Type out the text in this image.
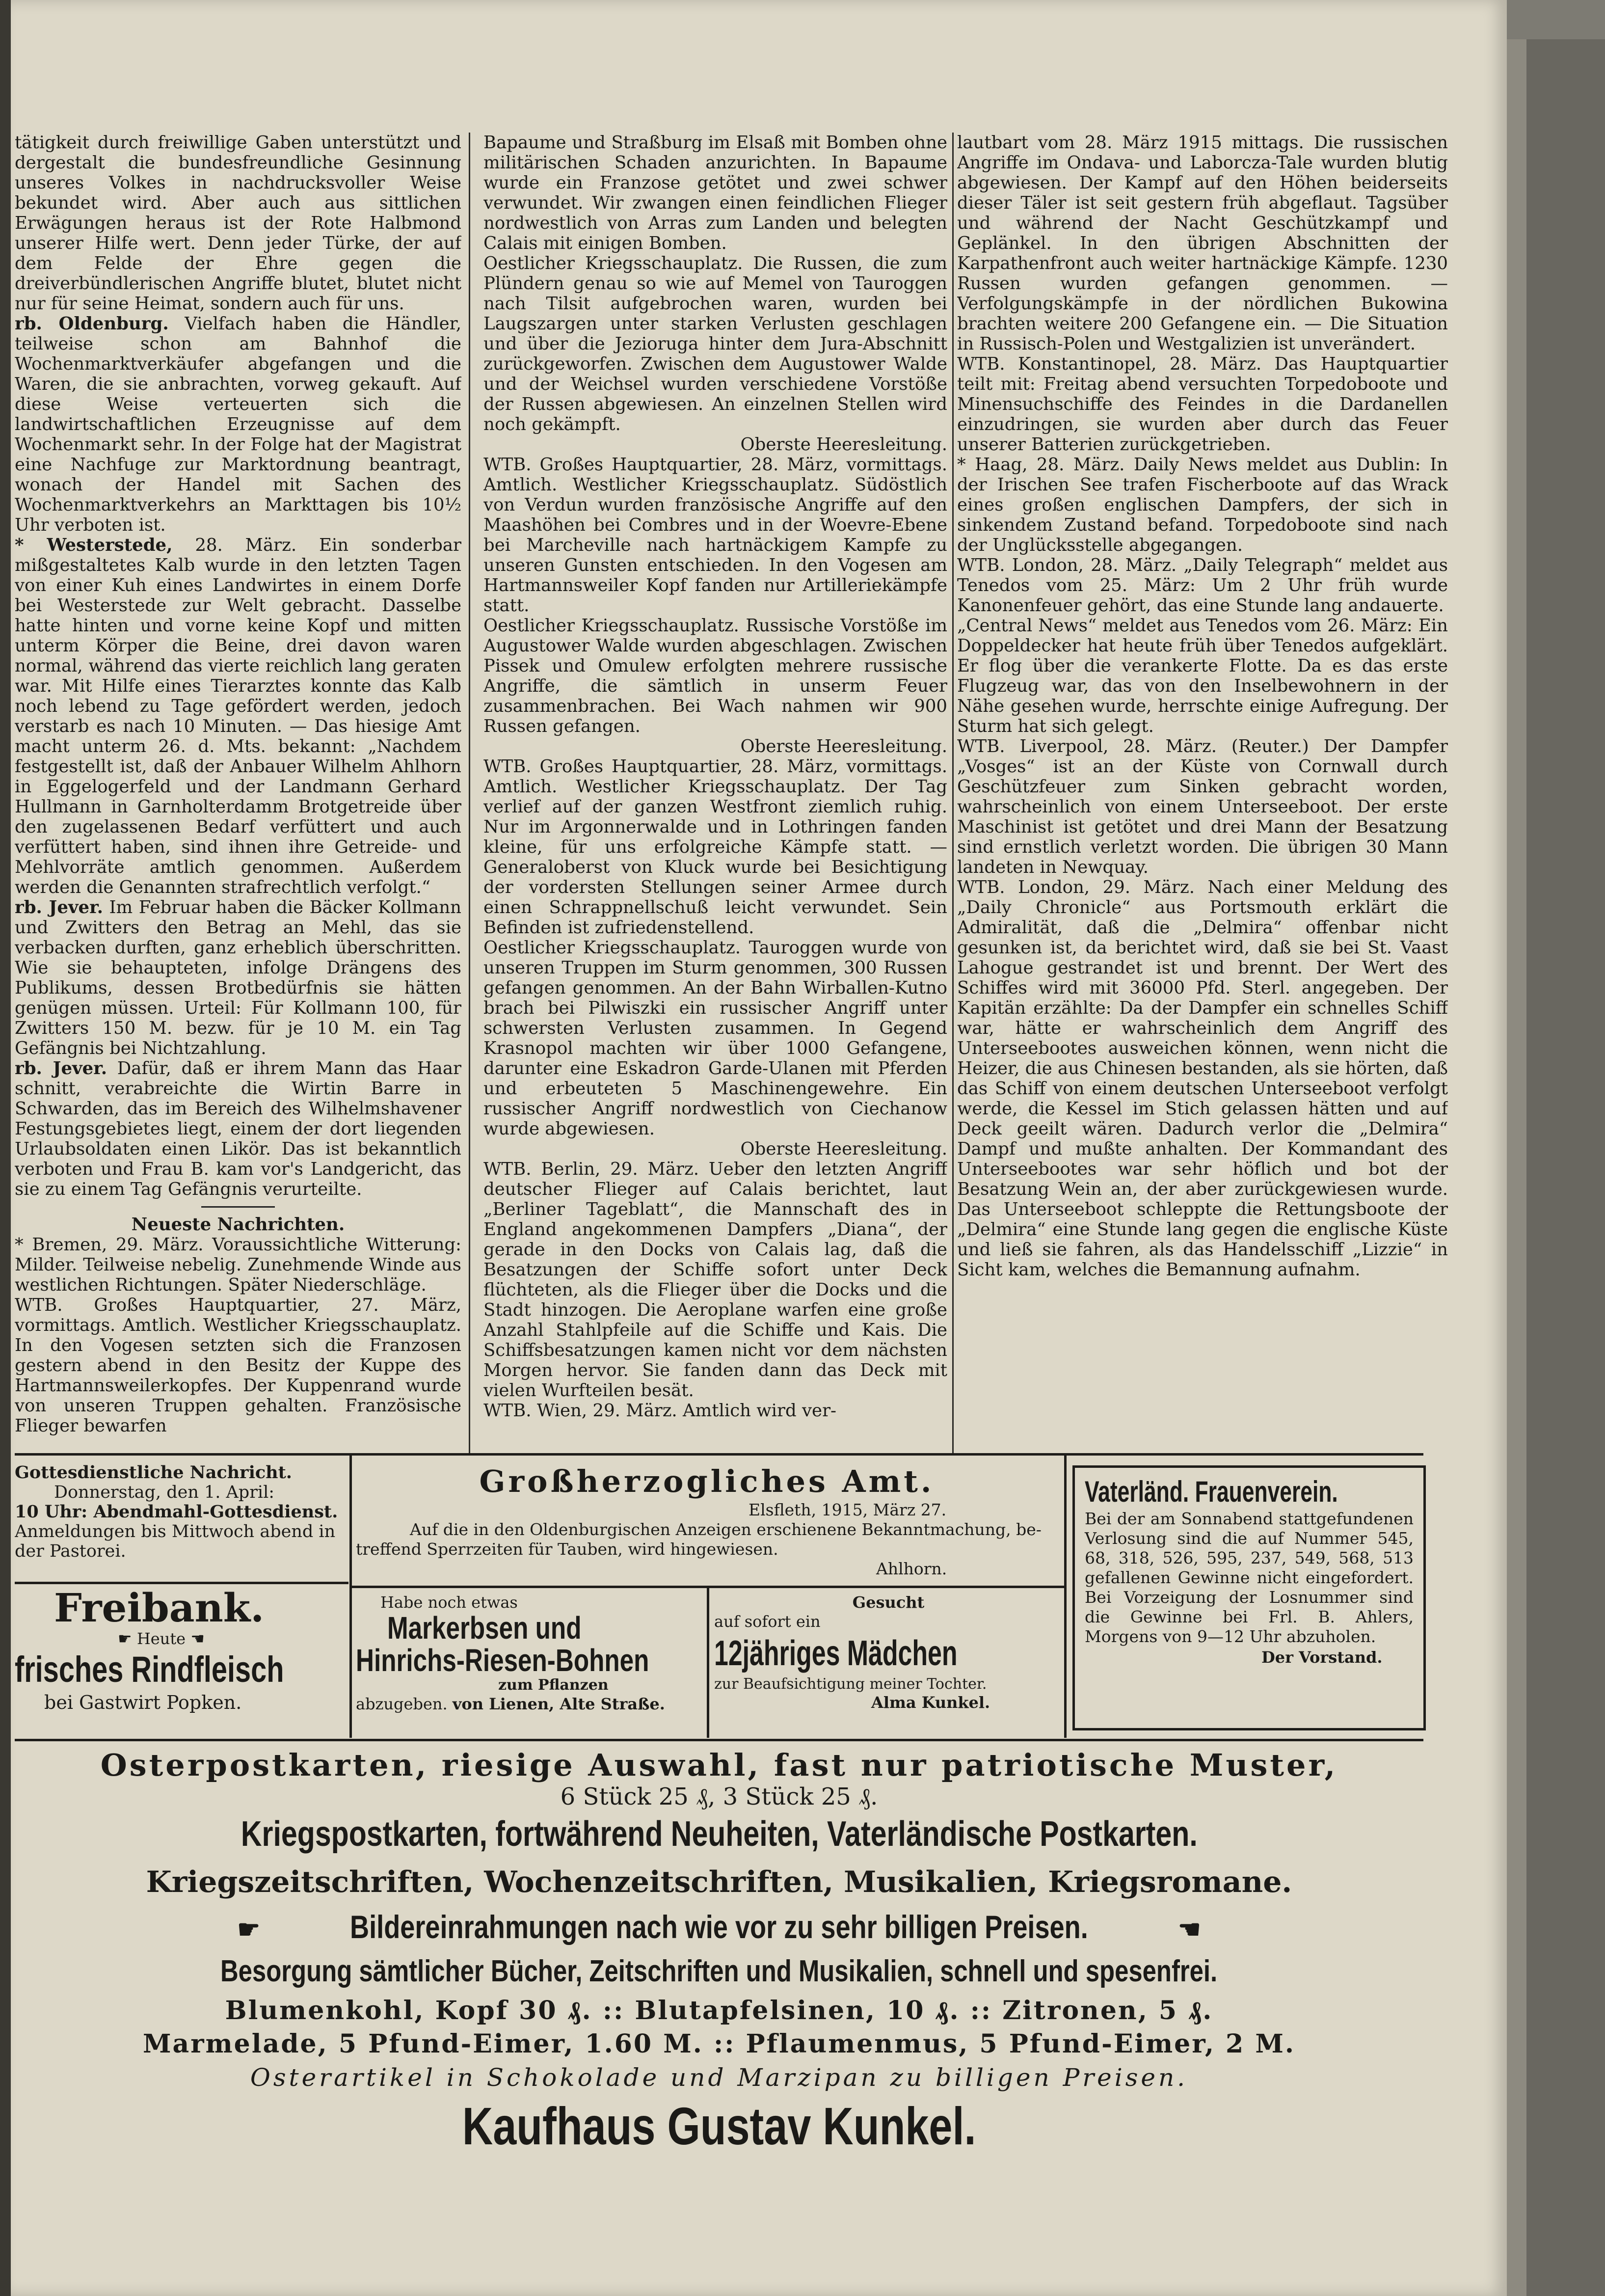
tätigkeit durch freiwillige Gaben unterstützt und dergestalt die bundesfreundliche Gesinnung unseres Volkes in nachdrucksvoller Weise bekundet wird. Aber auch aus sittlichen Erwägungen heraus ist der Rote Halbmond unserer Hilfe wert. Denn jeder Türke, der auf dem Felde der Ehre gegen die dreiverbündlerischen Angriffe blutet, blutet nicht nur für seine Heimat, sondern auch für uns.

rb. Oldenburg. Vielfach haben die Händler, teilweise schon am Bahnhof die Wochenmarktverkäufer abgefangen und die Waren, die sie anbrachten, vorweg gekauft. Auf diese Weise verteuerten sich die landwirtschaftlichen Erzeugnisse auf dem Wochenmarkt sehr. In der Folge hat der Magistrat eine Nachfuge zur Marktordnung beantragt, wonach der Handel mit Sachen des Wochenmarktverkehrs an Markttagen bis 10½ Uhr verboten ist.

* Westerstede, 28. März. Ein sonderbar mißgestaltetes Kalb wurde in den letzten Tagen von einer Kuh eines Landwirtes in einem Dorfe bei Westerstede zur Welt gebracht. Dasselbe hatte hinten und vorne keine Kopf und mitten unterm Körper die Beine, drei davon waren normal, während das vierte reichlich lang geraten war. Mit Hilfe eines Tierarztes konnte das Kalb noch lebend zu Tage gefördert werden, jedoch verstarb es nach 10 Minuten. — Das hiesige Amt macht unterm 26. d. Mts. bekannt: „Nachdem festgestellt ist, daß der Anbauer Wilhelm Ahlhorn in Eggelogerfeld und der Landmann Gerhard Hullmann in Garnholterdamm Brotgetreide über den zugelassenen Bedarf verfüttert und auch verfüttert haben, sind ihnen ihre Getreide- und Mehlvorräte amtlich genommen. Außerdem werden die Genannten strafrechtlich verfolgt.“

rb. Jever. Im Februar haben die Bäcker Kollmann und Zwitters den Betrag an Mehl, das sie verbacken durften, ganz erheblich überschritten. Wie sie behaupteten, infolge Drängens des Publikums, dessen Brotbedürfnis sie hätten genügen müssen. Urteil: Für Kollmann 100, für Zwitters 150 M. bezw. für je 10 M. ein Tag Gefängnis bei Nichtzahlung.

rb. Jever. Dafür, daß er ihrem Mann das Haar schnitt, verabreichte die Wirtin Barre in Schwarden, das im Bereich des Wilhelmshavener Festungsgebietes liegt, einem der dort liegenden Urlaubsoldaten einen Likör. Das ist bekanntlich verboten und Frau B. kam vor's Landgericht, das sie zu einem Tag Gefängnis verurteilte.

Neueste Nachrichten.

* Bremen, 29. März. Voraussichtliche Witterung: Milder. Teilweise nebelig. Zunehmende Winde aus westlichen Richtungen. Später Niederschläge.

WTB. Großes Hauptquartier, 27. März, vormittags. Amtlich. Westlicher Kriegsschauplatz. In den Vogesen setzten sich die Franzosen gestern abend in den Besitz der Kuppe des Hartmannsweilerkopfes. Der Kuppenrand wurde von unseren Truppen gehalten. Französische Flieger bewarfen

Bapaume und Straßburg im Elsaß mit Bomben ohne militärischen Schaden anzurichten. In Bapaume wurde ein Franzose getötet und zwei schwer verwundet. Wir zwangen einen feindlichen Flieger nordwestlich von Arras zum Landen und belegten Calais mit einigen Bomben.

Oestlicher Kriegsschauplatz. Die Russen, die zum Plündern genau so wie auf Memel von Tauroggen nach Tilsit aufgebrochen waren, wurden bei Laugszargen unter starken Verlusten geschlagen und über die Jezioruga hinter dem Jura-Abschnitt zurückgeworfen. Zwischen dem Augustower Walde und der Weichsel wurden verschiedene Vorstöße der Russen abgewiesen. An einzelnen Stellen wird noch gekämpft.

Oberste Heeresleitung.

WTB. Großes Hauptquartier, 28. März, vormittags. Amtlich. Westlicher Kriegsschauplatz. Südöstlich von Verdun wurden französische Angriffe auf den Maashöhen bei Combres und in der Woevre-Ebene bei Marcheville nach hartnäckigem Kampfe zu unseren Gunsten entschieden. In den Vogesen am Hartmannsweiler Kopf fanden nur Artilleriekämpfe statt.

Oestlicher Kriegsschauplatz. Russische Vorstöße im Augustower Walde wurden abgeschlagen. Zwischen Pissek und Omulew erfolgten mehrere russische Angriffe, die sämtlich in unserm Feuer zusammenbrachen. Bei Wach nahmen wir 900 Russen gefangen.

Oberste Heeresleitung.

WTB. Großes Hauptquartier, 28. März, vormittags. Amtlich. Westlicher Kriegsschauplatz. Der Tag verlief auf der ganzen Westfront ziemlich ruhig. Nur im Argonnerwalde und in Lothringen fanden kleine, für uns erfolgreiche Kämpfe statt. — Generaloberst von Kluck wurde bei Besichtigung der vordersten Stellungen seiner Armee durch einen Schrappnellschuß leicht verwundet. Sein Befinden ist zufriedenstellend.

Oestlicher Kriegsschauplatz. Tauroggen wurde von unseren Truppen im Sturm genommen, 300 Russen gefangen genommen. An der Bahn Wirballen-Kutno brach bei Pilwiszki ein russischer Angriff unter schwersten Verlusten zusammen. In Gegend Krasnopol machten wir über 1000 Gefangene, darunter eine Eskadron Garde-Ulanen mit Pferden und erbeuteten 5 Maschinengewehre. Ein russischer Angriff nordwestlich von Ciechanow wurde abgewiesen.

Oberste Heeresleitung.

WTB. Berlin, 29. März. Ueber den letzten Angriff deutscher Flieger auf Calais berichtet, laut „Berliner Tageblatt“, die Mannschaft des in England angekommenen Dampfers „Diana“, der gerade in den Docks von Calais lag, daß die Besatzungen der Schiffe sofort unter Deck flüchteten, als die Flieger über die Docks und die Stadt hinzogen. Die Aeroplane warfen eine große Anzahl Stahlpfeile auf die Schiffe und Kais. Die Schiffsbesatzungen kamen nicht vor dem nächsten Morgen hervor. Sie fanden dann das Deck mit vielen Wurfteilen besät.

WTB. Wien, 29. März. Amtlich wird ver-

lautbart vom 28. März 1915 mittags. Die russischen Angriffe im Ondava- und Laborcza-Tale wurden blutig abgewiesen. Der Kampf auf den Höhen beiderseits dieser Täler ist seit gestern früh abgeflaut. Tagsüber und während der Nacht Geschützkampf und Geplänkel. In den übrigen Abschnitten der Karpathenfront auch weiter hartnäckige Kämpfe. 1230 Russen wurden gefangen genommen. — Verfolgungskämpfe in der nördlichen Bukowina brachten weitere 200 Gefangene ein. — Die Situation in Russisch-Polen und Westgalizien ist unverändert.

WTB. Konstantinopel, 28. März. Das Hauptquartier teilt mit: Freitag abend versuchten Torpedoboote und Minensuchschiffe des Feindes in die Dardanellen einzudringen, sie wurden aber durch das Feuer unserer Batterien zurückgetrieben.

* Haag, 28. März. Daily News meldet aus Dublin: In der Irischen See trafen Fischerboote auf das Wrack eines großen englischen Dampfers, der sich in sinkendem Zustand befand. Torpedoboote sind nach der Unglücksstelle abgegangen.

WTB. London, 28. März. „Daily Telegraph“ meldet aus Tenedos vom 25. März: Um 2 Uhr früh wurde Kanonenfeuer gehört, das eine Stunde lang andauerte.

„Central News“ meldet aus Tenedos vom 26. März: Ein Doppeldecker hat heute früh über Tenedos aufgeklärt. Er flog über die verankerte Flotte. Da es das erste Flugzeug war, das von den Inselbewohnern in der Nähe gesehen wurde, herrschte einige Aufregung. Der Sturm hat sich gelegt.

WTB. Liverpool, 28. März. (Reuter.) Der Dampfer „Vosges“ ist an der Küste von Cornwall durch Geschützfeuer zum Sinken gebracht worden, wahrscheinlich von einem Unterseeboot. Der erste Maschinist ist getötet und drei Mann der Besatzung sind ernstlich verletzt worden. Die übrigen 30 Mann landeten in Newquay.

WTB. London, 29. März. Nach einer Meldung des „Daily Chronicle“ aus Portsmouth erklärt die Admiralität, daß die „Delmira“ offenbar nicht gesunken ist, da berichtet wird, daß sie bei St. Vaast Lahogue gestrandet ist und brennt. Der Wert des Schiffes wird mit 36000 Pfd. Sterl. angegeben. Der Kapitän erzählte: Da der Dampfer ein schnelles Schiff war, hätte er wahrscheinlich dem Angriff des Unterseebootes ausweichen können, wenn nicht die Heizer, die aus Chinesen bestanden, als sie hörten, daß das Schiff von einem deutschen Unterseeboot verfolgt werde, die Kessel im Stich gelassen hätten und auf Deck geeilt wären. Dadurch verlor die „Delmira“ Dampf und mußte anhalten. Der Kommandant des Unterseebootes war sehr höflich und bot der Besatzung Wein an, der aber zurückgewiesen wurde. Das Unterseeboot schleppte die Rettungsboote der „Delmira“ eine Stunde lang gegen die englische Küste und ließ sie fahren, als das Handelsschiff „Lizzie“ in Sicht kam, welches die Bemannung aufnahm.

Gottesdienstliche Nachricht.
Donnerstag, den 1. April:
10 Uhr: Abendmahl-Gottesdienst.
Anmeldungen bis Mittwoch abend in
der Pastorei.
Freibank.
☛ Heute ☚
frisches Rindfleisch
bei Gastwirt Popken.
Großherzogliches Amt.
Elsfleth, 1915, März 27.
Auf die in den Oldenburgischen Anzeigen erschienene Bekanntmachung, be-
treffend Sperrzeiten für Tauben, wird hingewiesen.
Ahlhorn.
Habe noch etwas
Markerbsen und
Hinrichs-Riesen-Bohnen
zum Pflanzen
abzugeben. von Lienen, Alte Straße.
Gesucht
auf sofort ein
12jähriges Mädchen
zur Beaufsichtigung meiner Tochter.
Alma Kunkel.
Vaterländ. Frauenverein.
Bei der am Sonnabend stattgefundenen Verlosung sind die auf Nummer 545, 68, 318, 526, 595, 237, 549, 568, 513 gefallenen Gewinne nicht eingefordert. Bei Vorzeigung der Losnummer sind die Gewinne bei Frl. B. Ahlers, Morgens von 9—12 Uhr abzuholen.
Der Vorstand.
Osterpostkarten, riesige Auswahl, fast nur patriotische Muster,
6 Stück 25 ₰, 3 Stück 25 ₰.
Kriegspostkarten, fortwährend Neuheiten, Vaterländische Postkarten.
Kriegszeitschriften, Wochenzeitschriften, Musikalien, Kriegsromane.
☛	Bildereinrahmungen nach wie vor zu sehr billigen Preisen.	☚
Besorgung sämtlicher Bücher, Zeitschriften und Musikalien, schnell und spesenfrei.
Blumenkohl, Kopf 30 ₰. :: Blutapfelsinen, 10 ₰. :: Zitronen, 5 ₰.
Marmelade, 5 Pfund-Eimer, 1.60 M. :: Pflaumenmus, 5 Pfund-Eimer, 2 M.
Osterartikel in Schokolade und Marzipan zu billigen Preisen.
Kaufhaus Gustav Kunkel.
